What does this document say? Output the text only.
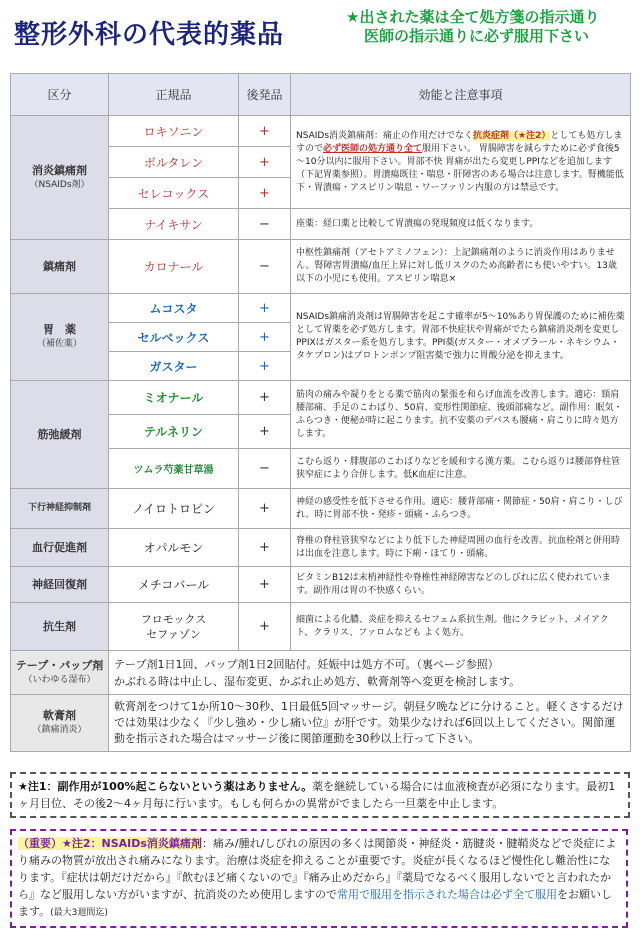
整形外科の代表的薬品
★出された薬は全て処方箋の指示通り
医師の指示通りに必ず服用下さい
区分	正規品	後発品	効能と注意事項
消炎鎮痛剤
（NSAIDs剤）	ロキソニン	+	NSAIDs消炎鎮痛剤：痛止の作用だけでなく抗炎症剤（★注2）としても処方しますので必ず医師の処方通り全て服用下さい。 胃腸障害を減らすために必ず食後5～10分以内に服用下さい。胃部不快 胃痛が出たら変更しPPIなどを追加します（下記胃薬参照）。胃潰瘍既往・喘息・肝障害のある場合は注意します。腎機能低下・胃潰瘍・アスピリン喘息・ワーファリン内服の方は禁忌です。
	ボルタレン	+	
	セレコックス	+	
	ナイキサン	−	座薬：経口薬と比較して胃潰瘍の発現頻度は低くなります。
鎮痛剤	カロナール	−	中枢性鎮痛剤（アセトアミノフェン）：上記鎮痛剤のように消炎作用はありません。腎障害胃潰瘍/血圧上昇に対し低リスクのため高齢者にも使いやすい。13歳以下の小児にも使用。アスピリン喘息×
胃　薬
（補佐薬）	ムコスタ	+	NSAIDs鎮痛消炎剤は胃腸障害を起こす確率が5～10%あり胃保護のために補佐薬として胃薬を必ず処方します。胃部不快症状や胃痛がでたら鎮痛消炎剤を変更しPPIⅩはガスター系を処方します。PPI薬(ガスター・オメプラール・ネキシウム・タケプロン)はプロトンポンプ阻害薬で強力に胃酸分泌を抑えます。
	セルベックス	+	
	ガスター	+	
筋弛緩剤	ミオナール	+	筋肉の痛みや凝りをとる薬で筋肉の緊張を和らげ血流を改善します。適応：頸肩腰部痛、手足のこわばり、50肩、変形性関節症、後頭部痛など。副作用：眠気・ふらつき・便秘が時に起こります。抗不安薬のデパスも腰痛・肩こりに時々処方します。
	テルネリン	+	
	ツムラ芍薬甘草湯	−	こむら返り・腓腹部のこわばりなどを緩和する漢方薬。こむら返りは腰部脊柱管狭窄症により合併します。低K血症に注意。
下行神経抑制剤	ノイロトロピン	+	神経の感受性を低下させる作用。適応：腰背部痛・関節症・50肩・肩こり・しびれ。時に胃部不快・発疹・頭痛・ふらつき。
血行促進剤	オパルモン	+	脊椎の脊柱管狭窄などにより低下した神経周囲の血行を改善。抗血栓剤と併用時は出血を注意します。時に下痢・ほてり・頭痛。
神経回復剤	メチコバール	+	ビタミンB12は末梢神経性や脊椎性神経障害などのしびれに広く使われています。副作用は胃の不快感くらい。
抗生剤	フロモックス
セファゾン	+	細菌による化膿、炎症を抑えるセフェム系抗生剤。他にクラビット、メイアクト、クラリス、ファロムなども よく処方。
テープ・パップ剤
（いわゆる湿布）	テープ剤1日1回、パップ剤1日2回貼付。妊娠中は処方不可。（裏ページ参照）
かぶれる時は中止し、湿布変更、かぶれ止め処方、軟膏剤等へ変更を検討します。		
軟膏剤
（鎮痛消炎）	軟膏剤をつけて1か所10～30秒、1日最低5回マッサージ。朝昼夕晩などに分けること。軽くさするだけでは効果は少なく『少し強め・少し痛い位』が肝です。効果少なければ6回以上してください。関節運動を指示された場合はマッサージ後に関節運動を30秒以上行って下さい。		
★注1：副作用が100%起こらないという薬はありません。薬を継続している場合には血液検査が必須になります。最初1ヶ月目位、その後2～4ヶ月毎に行います。もしも何らかの異常がでましたら一旦薬を中止します。
（重要）★注2：NSAIDs消炎鎮痛剤：痛み/腫れ/しびれの原因の多くは関節炎・神経炎・筋腱炎・腱鞘炎などで炎症により痛みの物質が放出され痛みになります。治療は炎症を抑えることが重要です。炎症が長くなるほど慢性化し難治性になります。『症状は朝だけだから』『飲むほど痛くないので』『痛み止めだから』『薬局でなるべく服用しないでと言われたから』など服用しない方がいますが、抗消炎のため使用しますので常用で服用を指示された場合は必ず全て服用をお願いします。(最大3週間迄)
